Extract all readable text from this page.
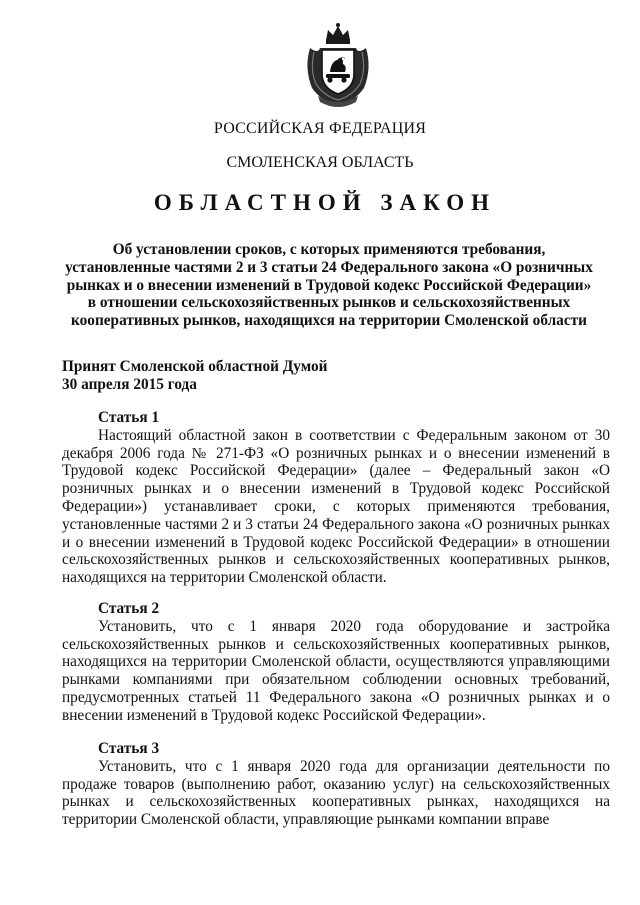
РОССИЙСКАЯ ФЕДЕРАЦИЯ
СМОЛЕНСКАЯ ОБЛАСТЬ
ОБЛАСТНОЙ ЗАКОН
Об установлении сроков, с которых применяются требования, установленные частями 2 и 3 статьи 24 Федерального закона «О розничных рынках и о внесении изменений в Трудовой кодекс Российской Федерации» в отношении сельскохозяйственных рынков и сельскохозяйственных кооперативных рынков, находящихся на территории Смоленской области
Принят Смоленской областной Думой
30 апреля 2015 года
Статья 1

Настоящий областной закон в соответствии с Федеральным законом от 30 декабря 2006 года № 271-ФЗ «О розничных рынках и о внесении изменений в Трудовой кодекс Российской Федерации» (далее – Федеральный закон «О розничных рынках и о внесении изменений в Трудовой кодекс Российской Федерации») устанавливает сроки, с которых применяются требования, установленные частями 2 и 3 статьи 24 Федерального закона «О розничных рынках и о внесении изменений в Трудовой кодекс Российской Федерации» в отношении сельскохозяйственных рынков и сельскохозяйственных кооперативных рынков, находящихся на территории Смоленской области.

Статья 2

Установить, что с 1 января 2020 года оборудование и застройка сельскохозяйственных рынков и сельскохозяйственных кооперативных рынков, находящихся на территории Смоленской области, осуществляются управляющими рынками компаниями при обязательном соблюдении основных требований, предусмотренных статьей 11 Федерального закона «О розничных рынках и о внесении изменений в Трудовой кодекс Российской Федерации».

Статья 3

Установить, что с 1 января 2020 года для организации деятельности по продаже товаров (выполнению работ, оказанию услуг) на сельскохозяйственных рынках и сельскохозяйственных кооперативных рынках, находящихся на территории Смоленской области, управляющие рынками компании вправе
